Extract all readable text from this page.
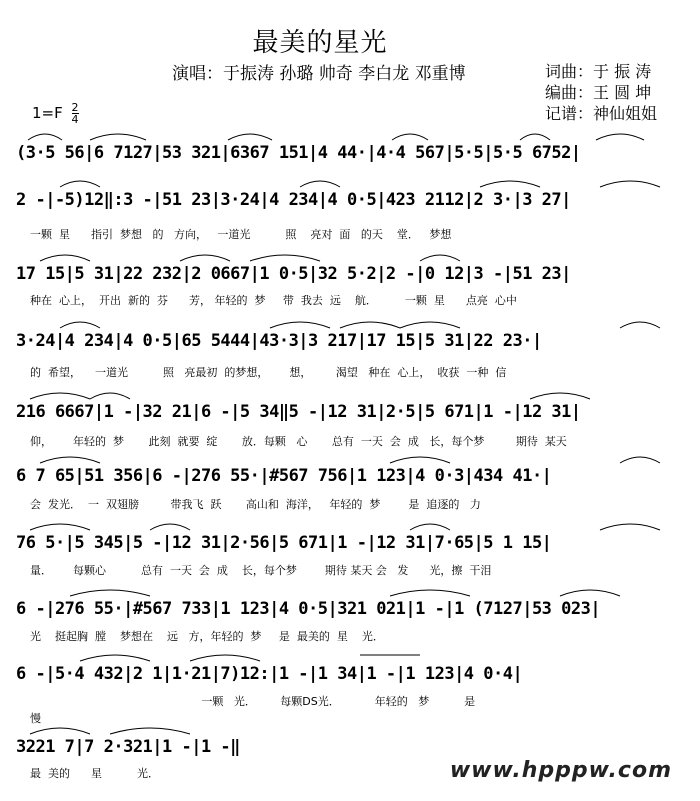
最美的星光
演唱：于振涛 孙璐 帅奇 李白龙 邓重博	词曲：于 振 涛
编曲：王 圆 坤
记谱：神仙姐姐
$1=F \frac{2}{4}$
(3·5 56|6 7127|53 321|6367 151|4 44·|4·4 567|5·5|5·5 6752|
2 -|-5)12‖:3 -|51 23|3·24|4 234|4 0·5|423 2112|2 3·|3 27|
一颗  星      指引  梦想   的   方向，   一道光          照    亮对  面   的天    堂．   梦想
17 15|5 31|22 232|2 0667|1 0·5|32 5·2|2 -|0 12|3 -|51 23|
种在  心上，  开出  新的  芬      芳， 年轻的  梦     带  我去  远    航．        一颗  星      点亮  心中
3·24|4 234|4 0·5|65 5444|43·3|3 217|17 15|5 31|22 23·|
的  希望，    一道光          照   亮最初  的梦想，      想，       渴望   种在  心上，  收获  一种  信
216 6667|1 -|32 21|6 -|5 34‖5 -|12 31|2·5|5 671|1 -|12 31|
仰，      年轻的  梦       此刻  就要  绽       放．每颗   心       总有  一天  会  成   长，每个梦         期待  某天
6 7 65|51 356|6 -|276 55·|#567 756|1 123|4 0·3|434 41·|
会  发光．  一  双翅膀         带我飞  跃       高山和  海洋，   年轻的  梦        是  追逐的   力
76 5·|5 345|5 -|12 31|2·56|5 671|1 -|12 31|7·65|5 1 15|
量．      每颗心          总有  一天  会  成    长，每个梦        期待 某天 会   发      光，擦  干泪
6 -|276 55·|#567 733|1 123|4 0·5|321 021|1 -|1 (7127|53 023|
光    挺起胸  膛    梦想在    远   方，年轻的  梦     是  最美的  星    光．
6 -|5·4 432|2 1|1·21|7)12:|1 -|1 34|1 -|1 123|4 0·4|
一颗   光．       每颗DS光．          年轻的   梦          是
慢
3221 7|7 2·321|1 -|1 -‖
最  美的      星          光．	www.hpppw.com
